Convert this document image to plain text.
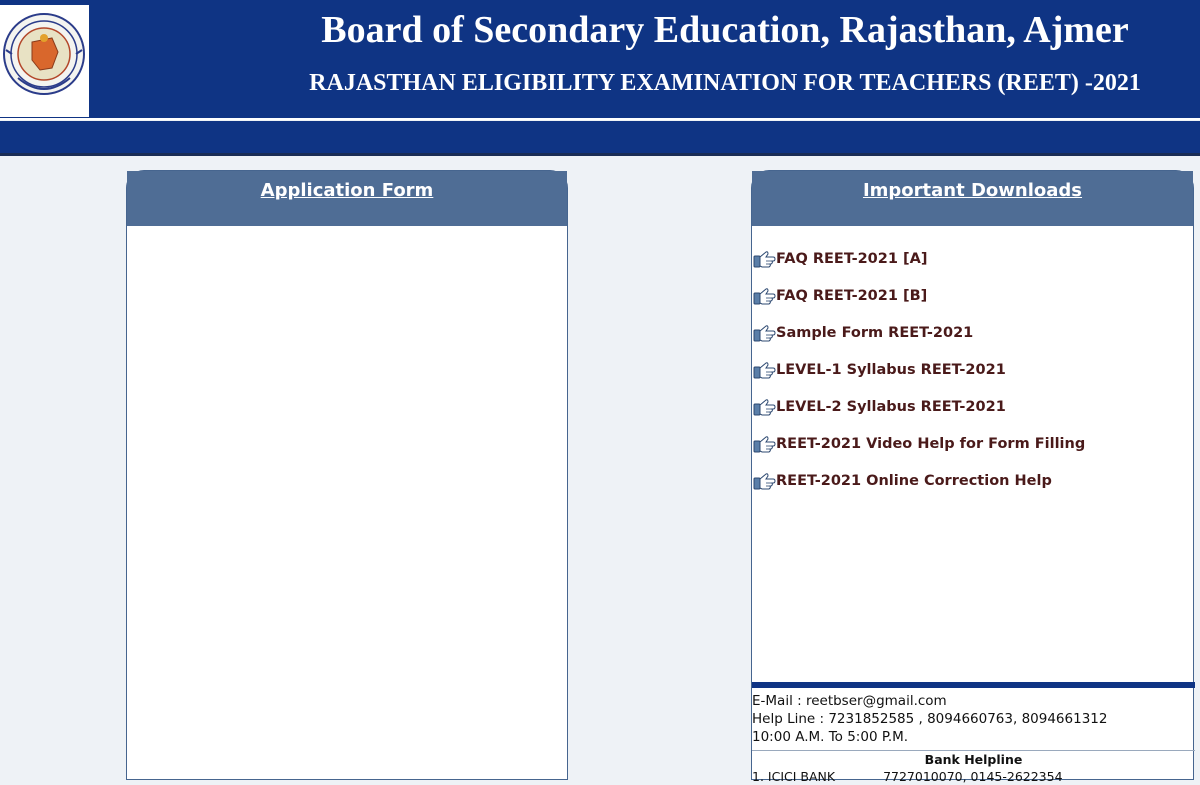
Board of Secondary Education, Rajasthan, Ajmer
RAJASTHAN ELIGIBILITY EXAMINATION FOR TEACHERS (REET) -2021
Application Form	Important Downloads
FAQ REET-2021 [A]
FAQ REET-2021 [B]
Sample Form REET-2021
LEVEL-1 Syllabus REET-2021
LEVEL-2 Syllabus REET-2021
REET-2021 Video Help for Form Filling
REET-2021 Online Correction Help
E-Mail : reetbser@gmail.com
Help Line : 7231852585 , 8094660763, 8094661312
10:00 A.M. To 5:00 P.M.
Bank Helpline
1. ICICI BANK	7727010070, 0145-2622354
